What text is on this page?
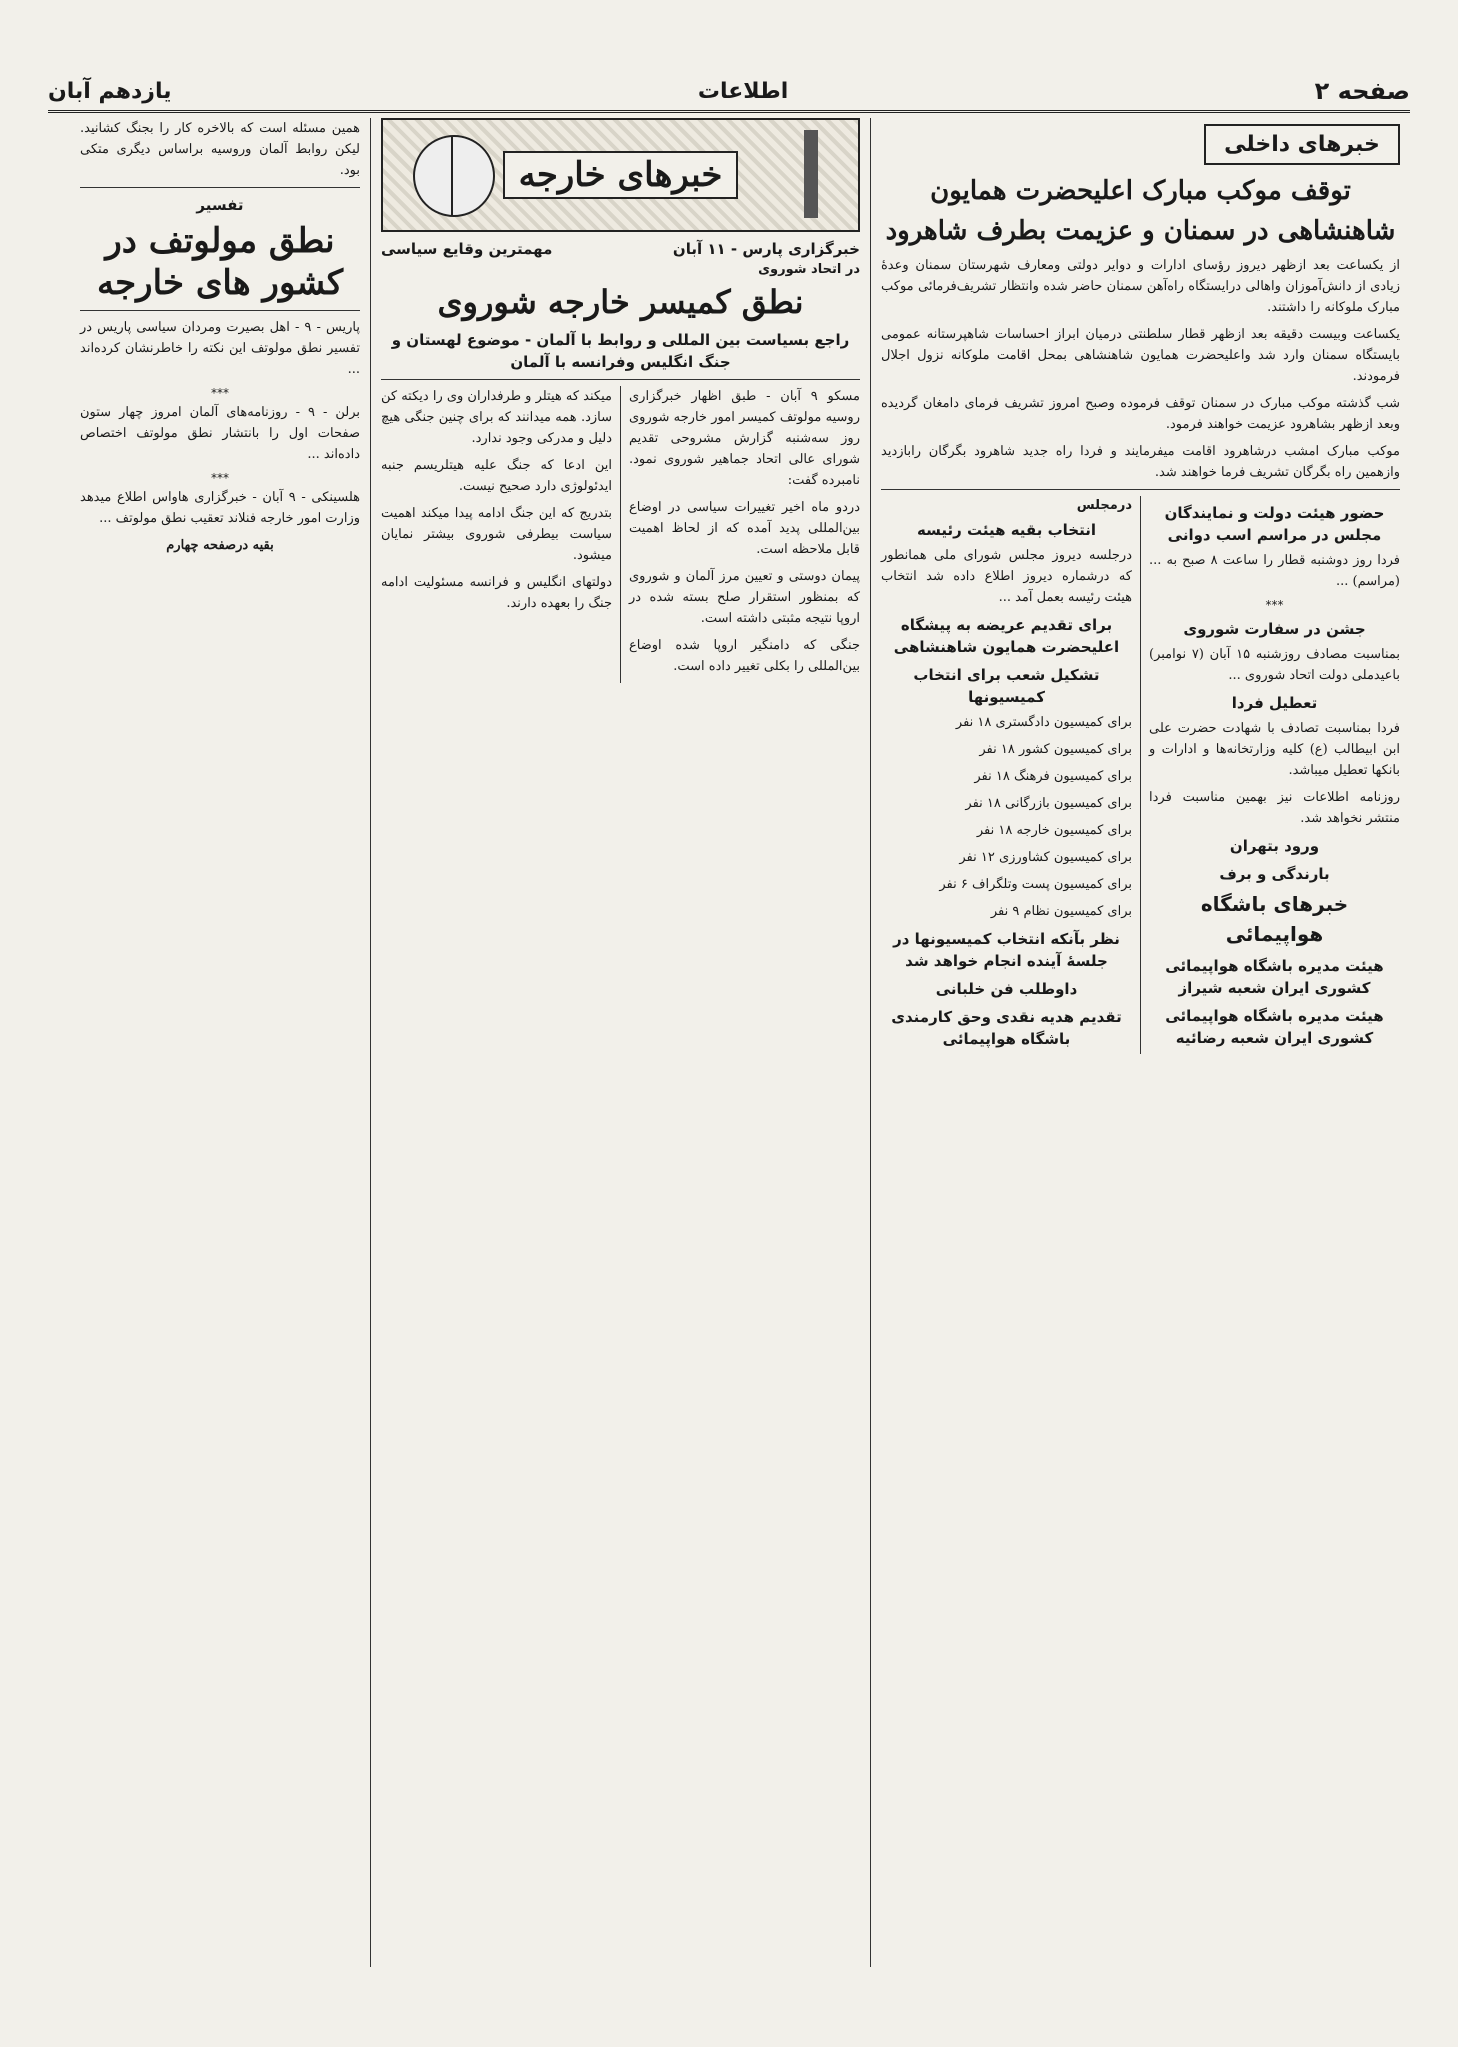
صفحه ۲
اطلاعات
یازدهم آبان
خبرهای داخلی
توقف موکب مبارک اعلیحضرت همایون شاهنشاهی در سمنان و عزیمت بطرف شاهرود

از یکساعت بعد ازظهر دیروز رؤسای ادارات و دوایر دولتی ومعارف شهرستان سمنان وعدهٔ زیادی از دانش‌آموزان واهالی درایستگاه راه‌آهن سمنان حاضر شده وانتظار تشریف‌فرمائی موکب مبارک ملوکانه را داشتند.

یکساعت وبیست دقیقه بعد ازظهر قطار سلطنتی درمیان ابراز احساسات شاهپرستانه عمومی بایستگاه سمنان وارد شد واعلیحضرت همایون شاهنشاهی بمحل اقامت ملوکانه نزول اجلال فرمودند.

شب گذشته موکب مبارک در سمنان توقف فرموده وصبح امروز تشریف فرمای دامغان گردیده وبعد ازظهر بشاهرود عزیمت خواهند فرمود.

موکب مبارک امشب درشاهرود اقامت میفرمایند و فردا راه جدید شاهرود بگرگان رابازدید وازهمین راه بگرگان تشریف فرما خواهند شد.

حضور هیئت دولت و نمایندگان مجلس در مراسم اسب دوانی

فردا روز دوشنبه قطار را ساعت ۸ صبح به ... (مراسم) ...

***
جشن در سفارت شوروی

بمناسبت مصادف روزشنبه ۱۵ آبان (۷ نوامبر) باعیدملی دولت اتحاد شوروی ...

تعطیل فردا

فردا بمناسبت تصادف با شهادت حضرت علی ابن ابیطالب (ع) کلیه وزارتخانه‌ها و ادارات و بانکها تعطیل میباشد.

روزنامه اطلاعات نیز بهمین مناسبت فردا منتشر نخواهد شد.

ورود بتهران
بارندگی و برف
خبرهای باشگاه هواپیمائی
هیئت مدیره باشگاه هواپیمائی کشوری ایران شعبه شیراز
هیئت مدیره باشگاه هواپیمائی کشوری ایران شعبه رضائیه
درمجلس
انتخاب بقیه هیئت رئیسه

درجلسه دیروز مجلس شورای ملی همانطور که درشماره دیروز اطلاع داده شد انتخاب هیئت رئیسه بعمل آمد ...

برای تقدیم عریضه به پیشگاه اعلیحضرت همایون شاهنشاهی
تشکیل شعب برای انتخاب کمیسیونها

برای کمیسیون دادگستری ۱۸ نفر

برای کمیسیون کشور ۱۸ نفر

برای کمیسیون فرهنگ ۱۸ نفر

برای کمیسیون بازرگانی ۱۸ نفر

برای کمیسیون خارجه ۱۸ نفر

برای کمیسیون کشاورزی ۱۲ نفر

برای کمیسیون پست وتلگراف ۶ نفر

برای کمیسیون نظام ۹ نفر

نظر بآنکه انتخاب کمیسیونها در جلسهٔ آینده انجام خواهد شد
داوطلب فن خلبانی
تقدیم هدیه نقدی وحق کارمندی باشگاه هواپیمائی
خبرهای خارجه
خبرگزاری پارس - ۱۱ آبان
مهمترین وقایع سیاسی
در اتحاد شوروی
نطق کمیسر خارجه شوروی
راجع بسیاست بین المللی و روابط با آلمان - موضوع لهستان و جنگ انگلیس وفرانسه با آلمان

مسکو ۹ آبان - طبق اظهار خبرگزاری روسیه مولوتف کمیسر امور خارجه شوروی روز سه‌شنبه گزارش مشروحی تقدیم شورای عالی اتحاد جماهیر شوروی نمود. نامبرده گفت:

دردو ماه اخیر تغییرات سیاسی در اوضاع بین‌المللی پدید آمده که از لحاظ اهمیت قابل ملاحظه است.

پیمان دوستی و تعیین مرز آلمان و شوروی که بمنظور استقرار صلح بسته شده در اروپا نتیجه مثبتی داشته است.

جنگی که دامنگیر اروپا شده اوضاع بین‌المللی را بکلی تغییر داده است.

میکند که هیتلر و طرفداران وی را دیکته کن سازد. همه میدانند که برای چنین جنگی هیچ دلیل و مدرکی وجود ندارد.

این ادعا که جنگ علیه هیتلریسم جنبه ایدئولوژی دارد صحیح نیست.

بتدریج که این جنگ ادامه پیدا میکند اهمیت سیاست بیطرفی شوروی بیشتر نمایان میشود.

دولتهای انگلیس و فرانسه مسئولیت ادامه جنگ را بعهده دارند.

همین مسئله است که بالاخره کار را بجنگ کشانید. لیکن روابط آلمان وروسیه براساس دیگری متکی بود.

تفسیر
نطق مولوتف در کشور های خارجه

پاریس - ۹ - اهل بصیرت ومردان سیاسی پاریس در تفسیر نطق مولوتف این نکته را خاطرنشان کرده‌اند ...

***

برلن - ۹ - روزنامه‌های آلمان امروز چهار ستون صفحات اول را بانتشار نطق مولوتف اختصاص داده‌اند ...

***

هلسینکی - ۹ آبان - خبرگزاری هاواس اطلاع میدهد وزارت امور خارجه فنلاند تعقیب نطق مولوتف ...

بقیه درصفحه چهارم
